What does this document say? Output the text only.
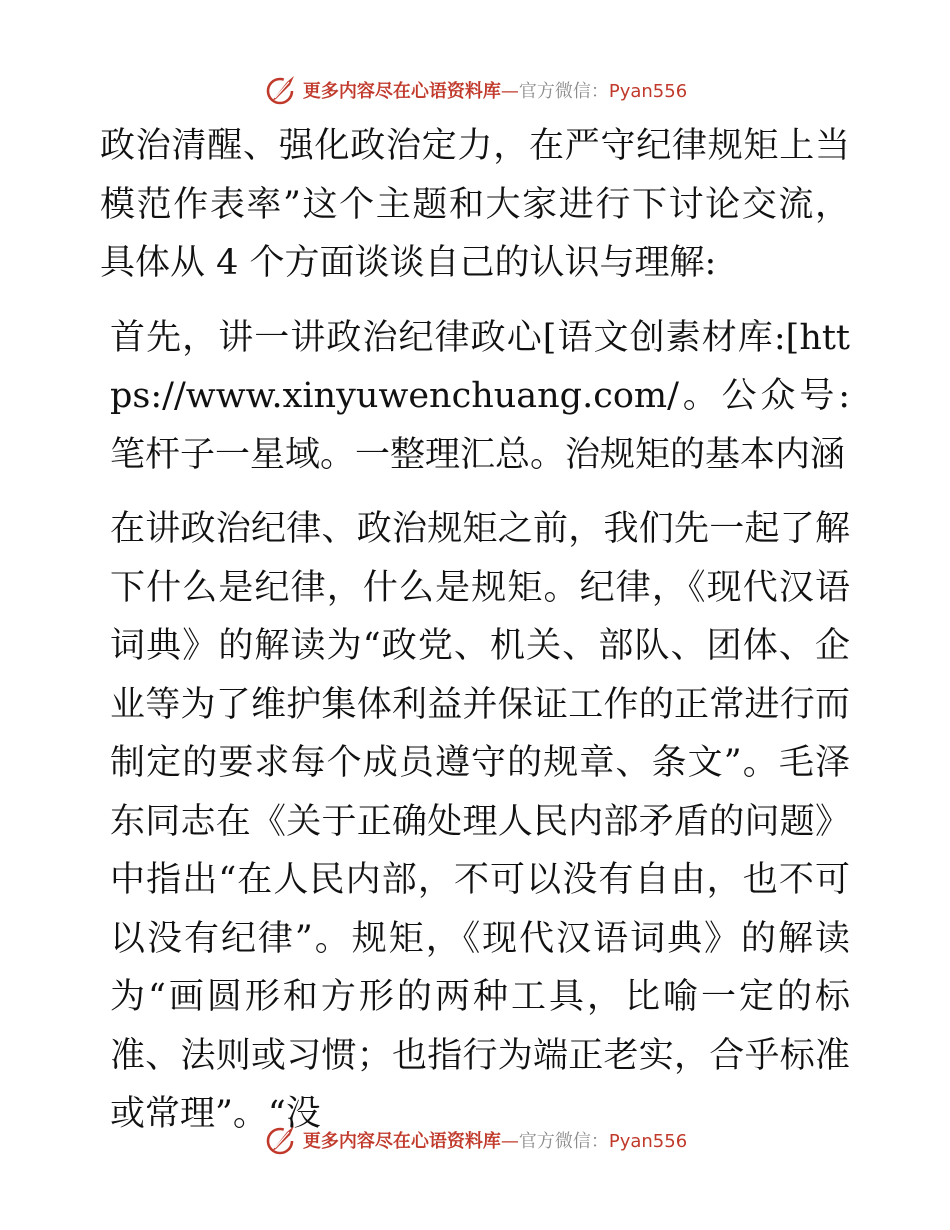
更多内容尽在心语资料库—官方微信：Pyan556

政治清醒、强化政治定力，在严守纪律规矩上当模范作表率”这个主题和大家进行下讨论交流，具体从 4 个方面谈谈自己的认识与理解:

首先，讲一讲政治纪律政心[语文创素材库:[https://www.xinyuwenchuang.com/。公众号: 笔杆子一星域。一整理汇总。治规矩的基本内涵

在讲政治纪律、政治规矩之前，我们先一起了解下什么是纪律，什么是规矩。纪律，《现代汉语词典》的解读为“政党、机关、部队、团体、企业等为了维护集体利益并保证工作的正常进行而制定的要求每个成员遵守的规章、条文”。毛泽东同志在《关于正确处理人民内部矛盾的问题》中指出“在人民内部，不可以没有自由，也不可以没有纪律”。规矩，《现代汉语词典》的解读为“画圆形和方形的两种工具，比喻一定的标准、法则或习惯；也指行为端正老实，合乎标准或常理”。“没

更多内容尽在心语资料库—官方微信：Pyan556
